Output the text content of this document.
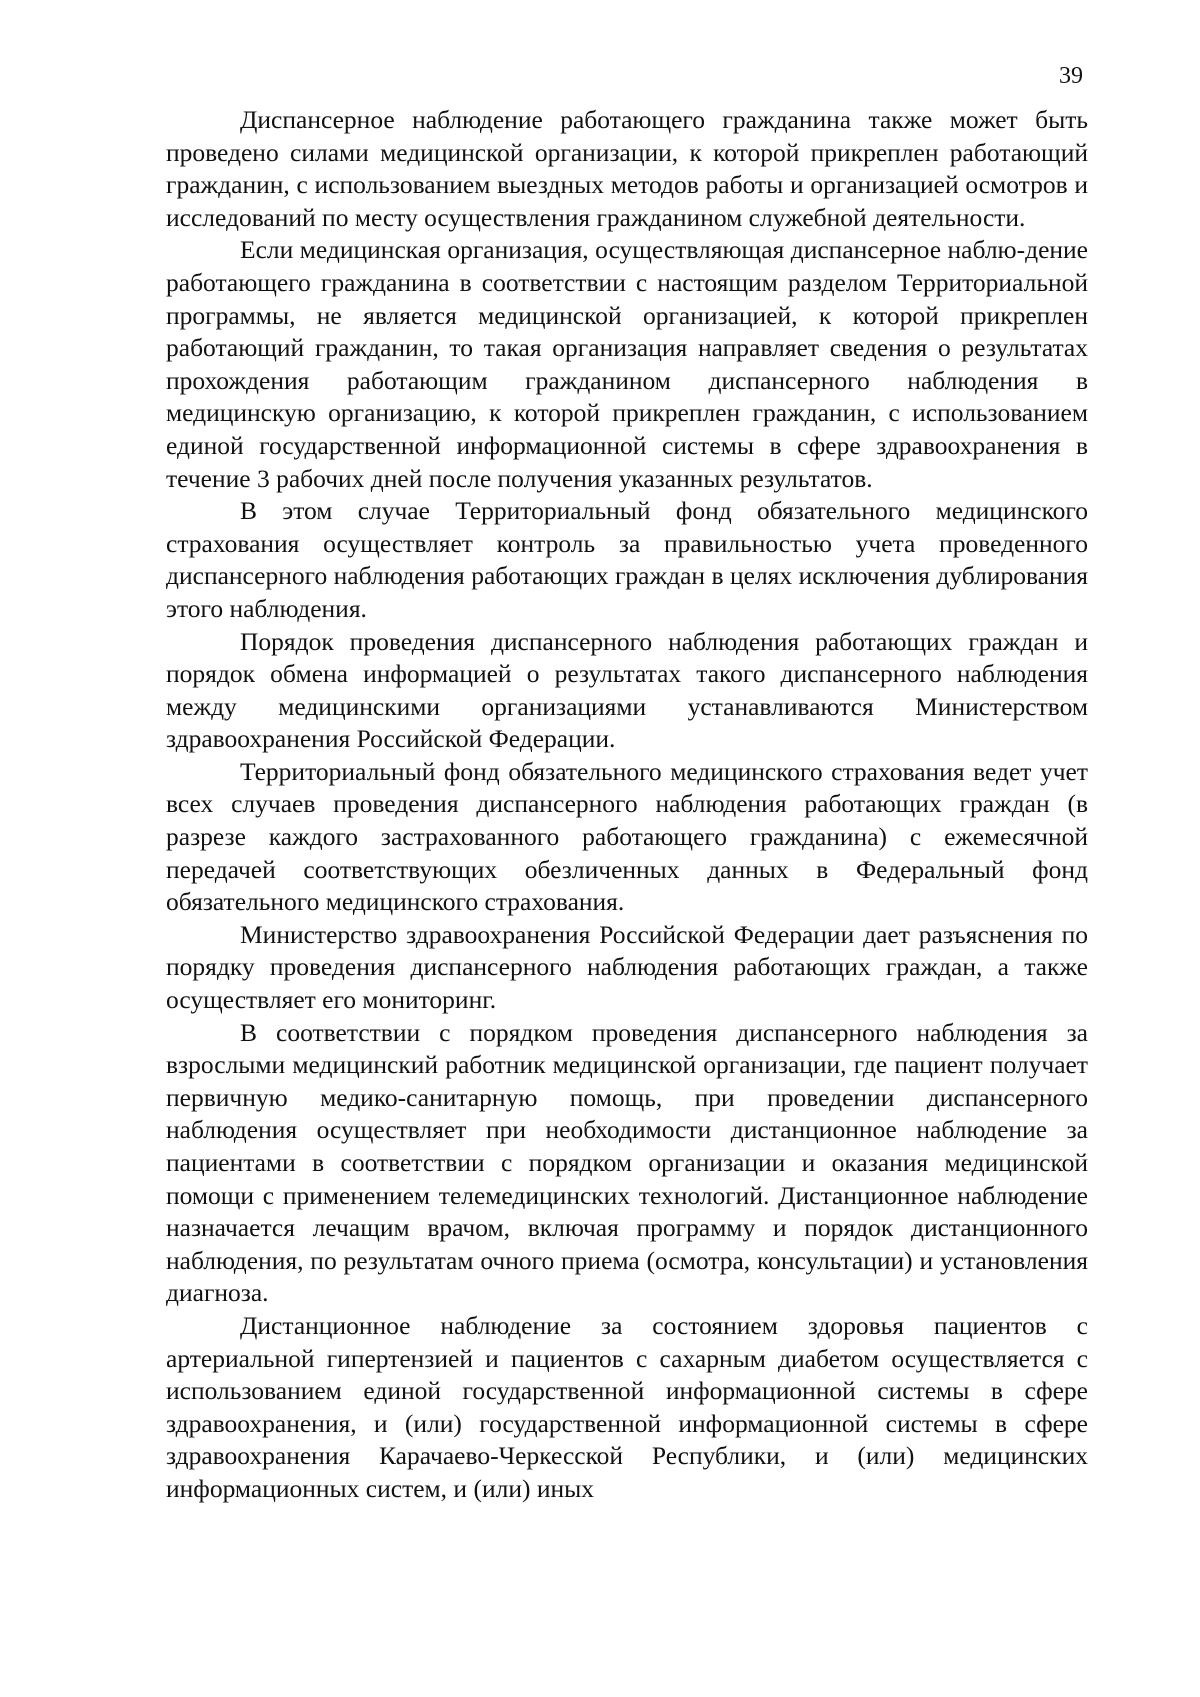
39

Диспансерное наблюдение работающего гражданина также может быть проведено силами медицинской организации, к которой прикреплен работающий гражданин, с использованием выездных методов работы и организацией осмотров и исследований по месту осуществления гражданином служебной деятельности.

Если медицинская организация, осуществляющая диспансерное наблю-дение работающего гражданина в соответствии с настоящим разделом Территориальной программы, не является медицинской организацией, к которой прикреплен работающий гражданин, то такая организация направляет сведения о результатах прохождения работающим гражданином диспансерного наблюдения в медицинскую организацию, к которой прикреплен гражданин, с использованием единой государственной информационной системы в сфере здравоохранения в течение 3 рабочих дней после получения указанных результатов.

В этом случае Территориальный фонд обязательного медицинского страхования осуществляет контроль за правильностью учета проведенного диспансерного наблюдения работающих граждан в целях исключения дублирования этого наблюдения.

Порядок проведения диспансерного наблюдения работающих граждан и порядок обмена информацией о результатах такого диспансерного наблюдения между медицинскими организациями устанавливаются Министерством здравоохранения Российской Федерации.

Территориальный фонд обязательного медицинского страхования ведет учет всех случаев проведения диспансерного наблюдения работающих граждан (в разрезе каждого застрахованного работающего гражданина) с ежемесячной передачей соответствующих обезличенных данных в Федеральный фонд обязательного медицинского страхования.

Министерство здравоохранения Российской Федерации дает разъяснения по порядку проведения диспансерного наблюдения работающих граждан, а также осуществляет его мониторинг.

В соответствии с порядком проведения диспансерного наблюдения за взрослыми медицинский работник медицинской организации, где пациент получает первичную медико-санитарную помощь, при проведении диспансерного наблюдения осуществляет при необходимости дистанционное наблюдение за пациентами в соответствии с порядком организации и оказания медицинской помощи с применением телемедицинских технологий. Дистанционное наблюдение назначается лечащим врачом, включая программу и порядок дистанционного наблюдения, по результатам очного приема (осмотра, консультации) и установления диагноза.

Дистанционное наблюдение за состоянием здоровья пациентов с артериальной гипертензией и пациентов с сахарным диабетом осуществляется с использованием единой государственной информационной системы в сфере здравоохранения, и (или) государственной информационной системы в сфере здравоохранения Карачаево-Черкесской Республики, и (или) медицинских информационных систем, и (или) иных
